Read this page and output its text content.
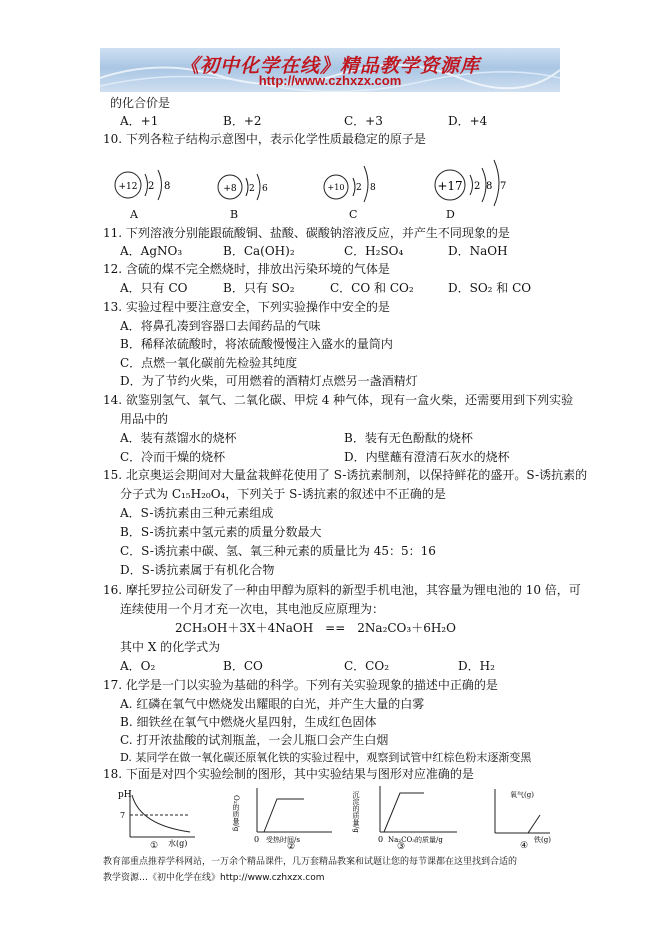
《初中化学在线》精品教学资源库
http://www.czhxzx.com
的化合价是
A．+1	B．+2	C．+3	D．+4
10. 下列各粒子结构示意图中，表示化学性质最稳定的原子是
+12 2 8
A
+8 2 6
B
+10 2 8
C
+17 2 8 7
D
11. 下列溶液分别能跟硫酸铜、盐酸、碳酸钠溶液反应，并产生不同现象的是
A．AgNO₃	B．Ca(OH)₂	C．H₂SO₄	D．NaOH
12. 含硫的煤不完全燃烧时，排放出污染环境的气体是
A．只有 CO	B．只有 SO₂	C．CO 和 CO₂	D．SO₂ 和 CO
13. 实验过程中要注意安全，下列实验操作中安全的是
A．将鼻孔凑到容器口去闻药品的气味
B．稀释浓硫酸时，将浓硫酸慢慢注入盛水的量筒内
C．点燃一氧化碳前先检验其纯度
D．为了节约火柴，可用燃着的酒精灯点燃另一盏酒精灯
14. 欲鉴别氢气、氧气、二氧化碳、甲烷 4 种气体，现有一盒火柴，还需要用到下列实验
用品中的
A．装有蒸馏水的烧杯	B．装有无色酚酞的烧杯
C．冷而干燥的烧杯	D．内壁蘸有澄清石灰水的烧杯
15. 北京奥运会期间对大量盆栽鲜花使用了 S-诱抗素制剂，以保持鲜花的盛开。S-诱抗素的
分子式为 C₁₅H₂₀O₄，下列关于 S-诱抗素的叙述中不正确的是
A．S-诱抗素由三种元素组成
B．S-诱抗素中氢元素的质量分数最大
C．S-诱抗素中碳、氢、氧三种元素的质量比为 45：5：16
D．S-诱抗素属于有机化合物
16. 摩托罗拉公司研发了一种由甲醇为原料的新型手机电池，其容量为锂电池的 10 倍，可
连续使用一个月才充一次电，其电池反应原理为：
2CH₃OH＋3X＋4NaOH　==　2Na₂CO₃＋6H₂O
其中 X 的化学式为
A．O₂	B．CO	C．CO₂	D．H₂
17. 化学是一门以实验为基础的科学。下列有关实验现象的描述中正确的是
A. 红磷在氧气中燃烧发出耀眼的白光，并产生大量的白雾
B. 细铁丝在氧气中燃烧火星四射，生成红色固体
C. 打开浓盐酸的试剂瓶盖，一会儿瓶口会产生白烟
D. 某同学在做一氧化碳还原氧化铁的实验过程中，观察到试管中红棕色粉末逐渐变黑
18. 下面是对四个实验绘制的图形，其中实验结果与图形对应准确的是
pH
7
水(g)
①
O₂的质量/g
0 受热时间/s
②
沉淀的质量/g
0 Na₂CO₃的质量/g
③
氧气(g)
铁(g)
④
教育部重点推荐学科网站，一万余个精品课件，几万套精品教案和试题让您的每节课都在这里找到合适的
教学资源…《初中化学在线》http://www.czhxzx.com
